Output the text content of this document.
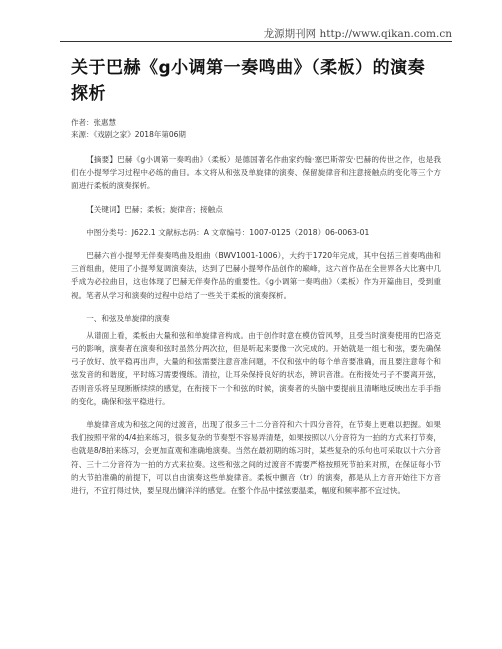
龙源期刊网 http://www.qikan.com.cn
关于巴赫《g小调第一奏鸣曲》（柔板）的演奏探析
作者：张惠慧
来源：《戏剧之家》2018年第06期

【摘要】巴赫《g小调第一奏鸣曲》（柔板）是德国著名作曲家约翰·塞巴斯蒂安·巴赫的传世之作，也是我们在小提琴学习过程中必练的曲目。本文将从和弦及单旋律的演奏、保留旋律音和注意接触点的变化等三个方面进行柔板的演奏探析。

【关键词】巴赫；柔板；旋律音；接触点

中图分类号：J622.1 文献标志码：A 文章编号：1007-0125（2018）06-0063-01

巴赫六首小提琴无伴奏奏鸣曲及组曲（BWV1001-1006），大约于1720年完成，其中包括三首奏鸣曲和三首组曲，使用了小提琴复调演奏法，达到了巴赫小提琴作品创作的巅峰，这六首作品在全世界各大比赛中几乎成为必拉曲目，这也体现了巴赫无伴奏作品的重要性。《g小调第一奏鸣曲》（柔板）作为开篇曲目，受到重视。笔者从学习和演奏的过程中总结了一些关于柔板的演奏探析。

一、和弦及单旋律的演奏

从谱面上看，柔板由大量和弦和单旋律音构成。由于创作时意在模仿管风琴，且受当时演奏使用的巴洛克弓的影响，演奏者在演奏和弦时虽然分两次拉，但是听起来要像一次完成的。开始就是一组七和弦，要先确保弓子放好、放平稳再出声，大量的和弦需要注意音准问题，不仅和弦中的每个单音要准确，而且要注意每个和弦发音的和谐度，平时练习需要慢练。清拉，让耳朵保持良好的状态，辨识音准。在衔接处弓子不要离开弦，否则音乐将呈现断断续续的感觉，在衔接下一个和弦的时候，演奏者的头脑中要提前且清晰地反映出左手手指的变化，确保和弦平稳进行。

单旋律音成为和弦之间的过渡音，出现了很多三十二分音符和六十四分音符，在节奏上更难以把握。如果我们按照平常的4/4拍来练习，很多复杂的节奏型不容易弄清楚，如果按照以八分音符为一拍的方式来打节奏，也就是8/8拍来练习，会更加直观和准确地演奏。当然在最初期的练习时，某些复杂的乐句也可采取以十六分音符、三十二分音符为一拍的方式来拉奏。这些和弦之间的过渡音不需要严格按照死节拍来对照，在保证每小节的大节拍准确的前提下，可以自由演奏这些单旋律音。柔板中颤音（tr）的演奏，都是从上方音开始往下方音进行，不宜打得过快，要呈现出慵洋洋的感觉。在整个作品中揉弦要温柔，幅度和频率都不宜过快。
